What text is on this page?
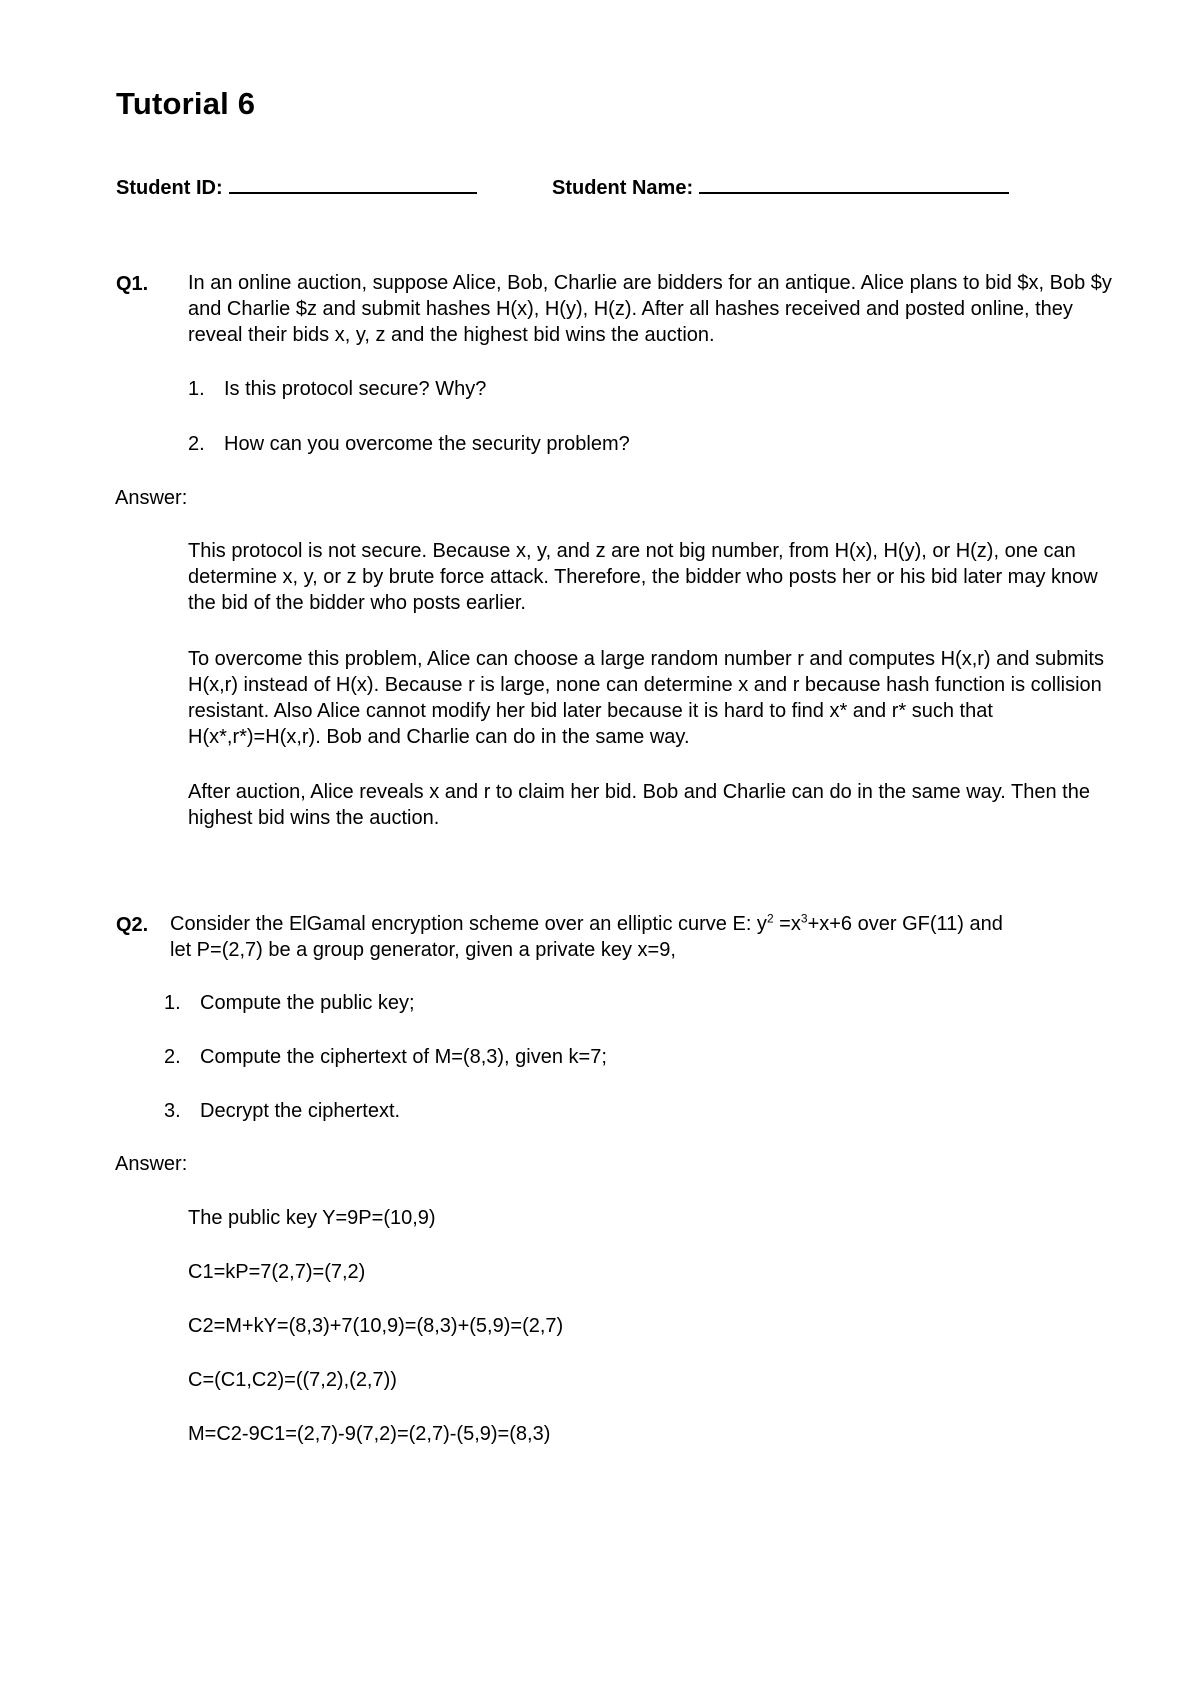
Tutorial 6
Student ID:	Student Name:
Q1. In an online auction, suppose Alice, Bob, Charlie are bidders for an antique. Alice plans to bid $x, Bob $y and Charlie $z and submit hashes H(x), H(y), H(z). After all hashes received and posted online, they reveal their bids x, y, z and the highest bid wins the auction.
1. Is this protocol secure? Why?
2. How can you overcome the security problem?
Answer:
This protocol is not secure. Because x, y, and z are not big number, from H(x), H(y), or H(z), one can determine x, y, or z by brute force attack. Therefore, the bidder who posts her or his bid later may know the bid of the bidder who posts earlier.
To overcome this problem, Alice can choose a large random number r and computes H(x,r) and submits H(x,r) instead of H(x). Because r is large, none can determine x and r because hash function is collision resistant. Also Alice cannot modify her bid later because it is hard to find x* and r* such that H(x*,r*)=H(x,r). Bob and Charlie can do in the same way.
After auction, Alice reveals x and r to claim her bid. Bob and Charlie can do in the same way. Then the highest bid wins the auction.
Q2. Consider the ElGamal encryption scheme over an elliptic curve E: $y^2 =x^3+x+6$ over GF(11) and

let P=(2,7) be a group generator, given a private key x=9,

1. Compute the public key;
2. Compute the ciphertext of M=(8,3), given k=7;
3. Decrypt the ciphertext.
Answer:
The public key Y=9P=(10,9)
C1=kP=7(2,7)=(7,2)
C2=M+kY=(8,3)+7(10,9)=(8,3)+(5,9)=(2,7)
C=(C1,C2)=((7,2),(2,7))
M=C2-9C1=(2,7)-9(7,2)=(2,7)-(5,9)=(8,3)
